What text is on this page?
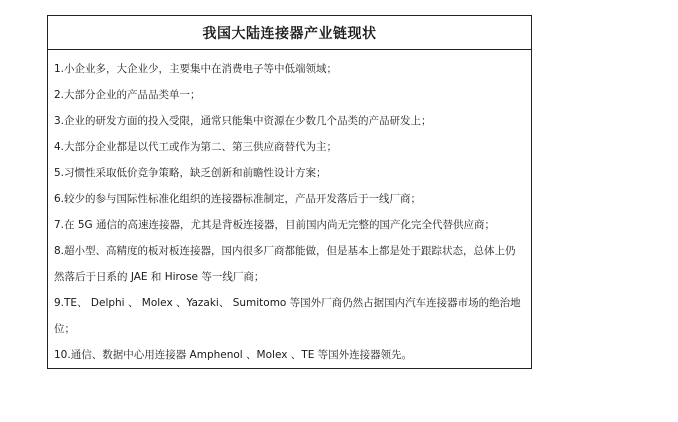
我国大陆连接器产业链现状
1.小企业多，大企业少，主要集中在消费电子等中低端领域；
2.大部分企业的产品品类单一；
3.企业的研发方面的投入受限，通常只能集中资源在少数几个品类的产品研发上；
4.大部分企业都是以代工或作为第二、第三供应商替代为主；
5.习惯性采取低价竞争策略，缺乏创新和前瞻性设计方案；
6.较少的参与国际性标准化组织的连接器标准制定，产品开发落后于一线厂商；
7.在 5G 通信的高速连接器，尤其是背板连接器，目前国内尚无完整的国产化完全代替供应商；
8.超小型、高精度的板对板连接器，国内很多厂商都能做，但是基本上都是处于跟踪状态，总体上仍然落后于日系的 JAE 和 Hirose 等一线厂商；
9.TE、 Delphi 、 Molex 、Yazaki、 Sumitomo 等国外厂商仍然占据国内汽车连接器市场的绝治地位；
10.通信、数据中心用连接器 Amphenol 、Molex 、TE 等国外连接器领先。
